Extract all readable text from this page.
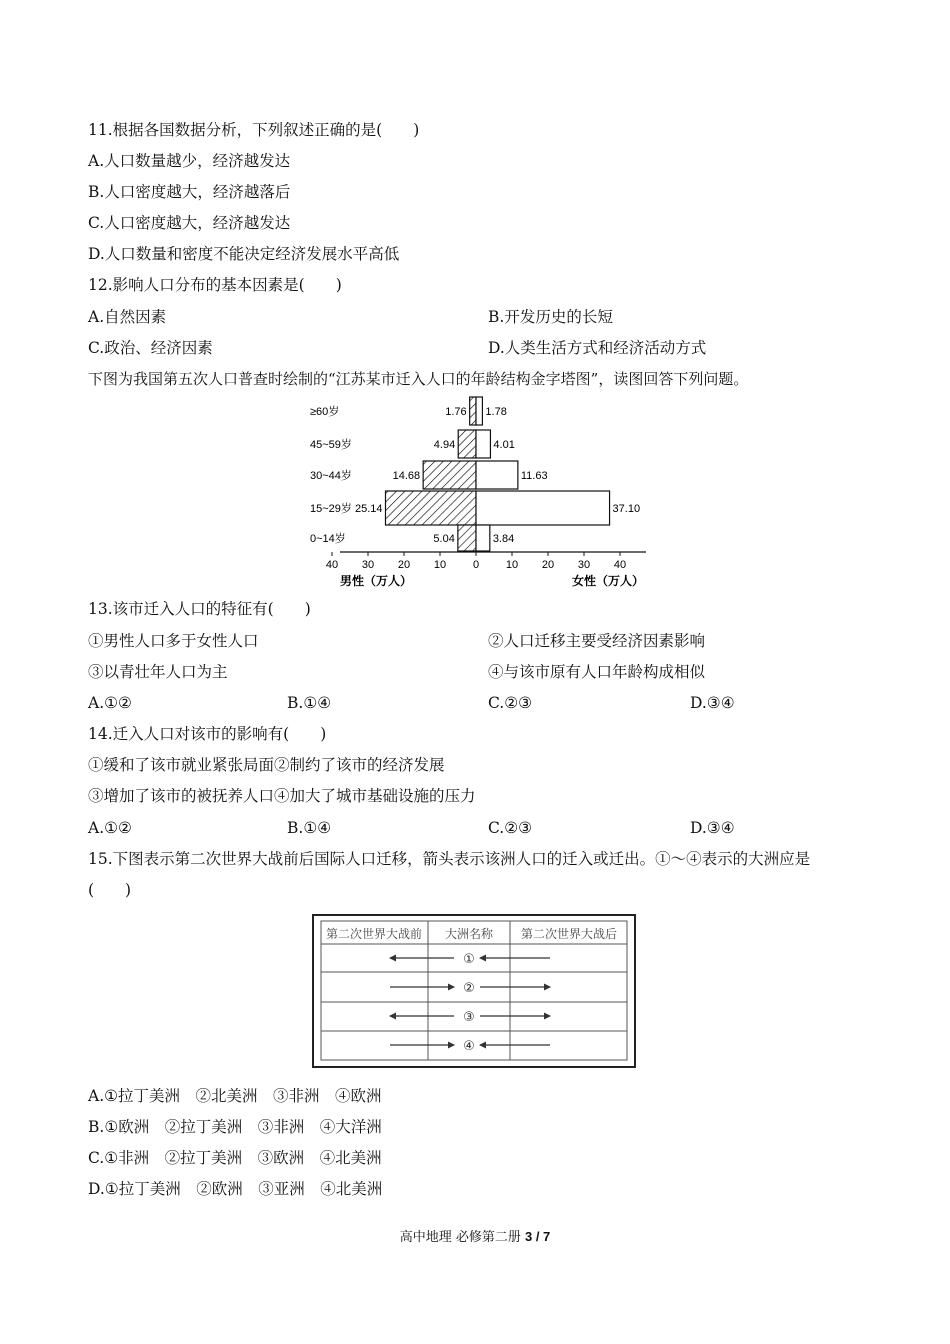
11.根据各国数据分析，下列叙述正确的是(　　)
A.人口数量越少，经济越发达
B.人口密度越大，经济越落后
C.人口密度越大，经济越发达
D.人口数量和密度不能决定经济发展水平高低
12.影响人口分布的基本因素是(　　)
A.自然因素	B.开发历史的长短
C.政治、经济因素	D.人类生活方式和经济活动方式
下图为我国第五次人口普查时绘制的“江苏某市迁入人口的年龄结构金字塔图”，读图回答下列问题。
≥60岁	1.76 1.78
45~59岁	4.94	4.01
30~44岁	14.68	11.63
15~29岁 25.14	37.10
0~14岁	5.04	3.84
40 30 20 10 0 10 20 30 40
男性（万人）	女性（万人）
13.该市迁入人口的特征有(　　)
①男性人口多于女性人口	②人口迁移主要受经济因素影响
③以青壮年人口为主	④与该市原有人口年龄构成相似
A.①②	B.①④	C.②③	D.③④
14.迁入人口对该市的影响有(　　)
①缓和了该市就业紧张局面②制约了该市的经济发展
③增加了该市的被抚养人口④加大了城市基础设施的压力
A.①②	B.①④	C.②③	D.③④
15.下图表示第二次世界大战前后国际人口迁移，箭头表示该洲人口的迁入或迁出。①～④表示的大洲应是
(　　)
第二次世界大战前 大洲名称 第二次世界大战后
①
②
③
④
A.①拉丁美洲　②北美洲　③非洲　④欧洲
B.①欧洲　②拉丁美洲　③非洲　④大洋洲
C.①非洲　②拉丁美洲　③欧洲　④北美洲
D.①拉丁美洲　②欧洲　③亚洲　④北美洲
高中地理 必修第二册 3 / 7
